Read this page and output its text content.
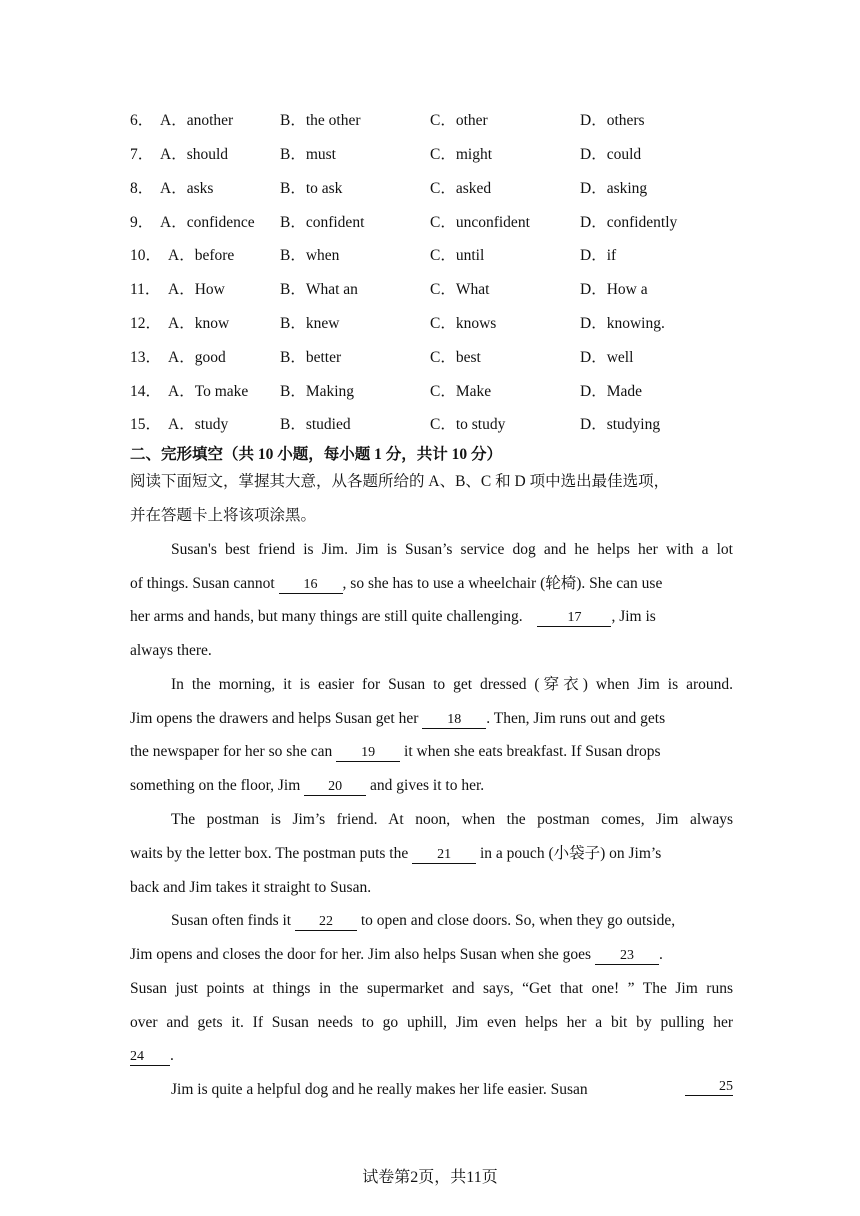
6． A．another	B．the other	C．other	D．others
7． A．should	B．must	C．might	D．could
8． A．asks	B．to ask	C．asked	D．asking
9． A．confidence B．confident	C．unconfident	D．confidently
10． A．before	B．when	C．until	D．if
11． A．How	B．What an	C．What	D．How a
12． A．know	B．knew	C．knows	D．knowing.
13． A．good	B．better	C．best	D．well
14． A．To make B．Making	C．Make	D．Made
15． A．study	B．studied	C．to study	D．studying
二、完形填空（共 10 小题，每小题 1 分，共计 10 分）
阅读下面短文，掌握其大意，从各题所给的 A、B、C 和 D 项中选出最佳选项，
并在答题卡上将该项涂黑。
Susan's best friend is Jim. Jim is Susan’s service dog and he helps her with a lot
of things. Susan cannot 16 , so she has to use a wheelchair (轮椅). She can use
her arms and hands, but many things are still quite challenging.	17 , Jim is
always there.
In the morning, it is easier for Susan to get dressed (穿衣) when Jim is around.
Jim opens the drawers and helps Susan get her 18 . Then, Jim runs out and gets
the newspaper for her so she can 19 it when she eats breakfast. If Susan drops
something on the floor, Jim 20 and gives it to her.
The postman is Jim’s friend. At noon, when the postman comes, Jim always
waits by the letter box. The postman puts the 21 in a pouch (小袋子) on Jim’s
back and Jim takes it straight to Susan.
Susan often finds it 22 to open and close doors. So, when they go outside,
Jim opens and closes the door for her. Jim also helps Susan when she goes 23 .
Susan just points at things in the supermarket and says, “Get that one! ” The Jim runs
over and gets it. If Susan needs to go uphill, Jim even helps her a bit by pulling her
24 .
Jim is quite a helpful dog and he really makes her life easier. Susan	25
试卷第2页，共11页
